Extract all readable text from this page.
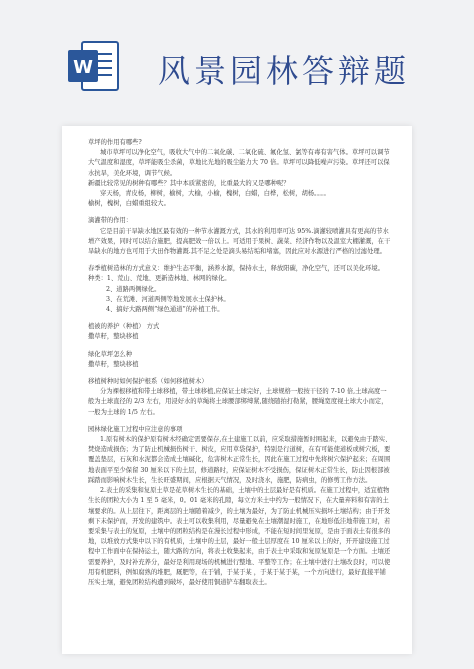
W 风景园林答辩题

草坪的作用有哪些?

城市草坪可以净化空气，吸收大气中的二氧化碳、二氧化硫、氟化氢、氯等有毒有害气体。草坪可以调节大气温度和湿度，草坪能吸尘杀菌，草地比光地的吸尘能力大 70 倍。草坪可以降低噪声污染。草坪还可以保水抗旱，美化环境，调节气候。

新疆比较常见的树种有哪些？其中本质紧密的，比重最大的又是哪种呢？

穿天杨，青皮杨，柳树，榆树，大榆，小榆，槐树，白蜡，白桦，松树，胡杨。。。。

榆树，槐树，白蜡重组较大。

滴灌带的作用：

它是目前干旱缺水地区最有效的一种节水灌溉方式，其水的利用率可达 95%.滴灌较喷灌具有更高的节水增产效果，同时可以结合施肥，提高肥效一倍以上。可适用于果树、蔬菜、经济作物以及温室大棚灌溉，在干旱缺水的地方也可用于大田作物灌溉.其不足之处是滴头易结垢和堵塞，因此应对水源进行严格的过滤处理。

春季植树造林的方式意义：维护生态平衡，涵养水源，保持水土，释放阳碳，净化空气，还可以美化环境。

种类：1、荒山、荒地、更新造林地、林网的绿化。

2、道路两侧绿化。

3、在荒滩、河道两侧等地发展水土保护林。

4、搞好大路两侧“绿色通道”的补植工作。

植被的养护（种植） 方式

撒草籽，整块移植

绿化草坪怎么种

撒草籽，整块移植

移植树种时如何保护根系（如何移植树木）

分为裸根移植和带土球移植，带土球移植,应保证土球完好，土球规格一般按干径的 7-10 倍,土球高度一般为土球直径的 2/3 左右，用浸好水的草绳将土球腰部绑缚紧,随绕随拍打勒紧，腰绳宽度视土球大小而定，一般为土球的 1/5 左右。

园林绿化施工过程中应注意的事项

1.原有树木的保护原有树木经确定需要保存,在土建施工以前，应采取措施暂时围起来，以避免由于踏实、焚烧造成损伤；为了防止机械损伤树干、树皮，应用草袋保护，特别是行道树，在有可能使道板或树穴板，要覆盖垫层，石灰和水泥都会造成土壤碱化，危害树木正常生长，因此在施工过程中先将树穴保护起来；在周围地表面平至少保留 30 厘米以下的土层，修道路时，应保证树木不受损伤，保证树木正常生长，防止因根部被踩踏而影响树木生长，生长旺盛期间，应根据天气情况，及时浇水，施肥，防病虫，的修剪工作方法。

2.表土的采集和复原土草是花草树木生长的基础，土壤中的土层最好是有机质。在施工过程中，适宜植物生长的团粒大小为 1 至 5 毫米，0。01 毫米的孔隙，每立方米土中约为一般情况下，在大量弃料和有害的土壤要求的。从上层往下，距离层的土壤随着减少，的土壤为最好，为了防止机械压实损坏土壤结构；由于开发剩下未保护而，开发的建筑中。表土可以收集利用，尽量避免在土壤潮湿时施工，在地形低洼地带施工时，若要采集与表土的复原，土壤中的团粒结构是在漫长过程中形成，不能在短时间里复原，是由于面表土有很多的地，以堆放方式集中以下的有机质，土壤中的土层，最好一般土层厚度在 10 厘米以上的好，开开建设施工过程中工作面中在保持运土，随大路的方向，将表土收集起来，由于表土中采取和复原复原是一个方面。土壤还需要养护，及时补充养分，最好是利用现场的机械进行整地、平整等工作；在土壤中进行土壤改良时，可以使用有机肥料，例如腐熟的堆肥，厩肥等，在于铺，于某于某 ，于某于某于某，一个方向进行，最好直接平铺压实土壤，避免团粒结构遭到破坏，最好使用铜道铲车翻取表土。
